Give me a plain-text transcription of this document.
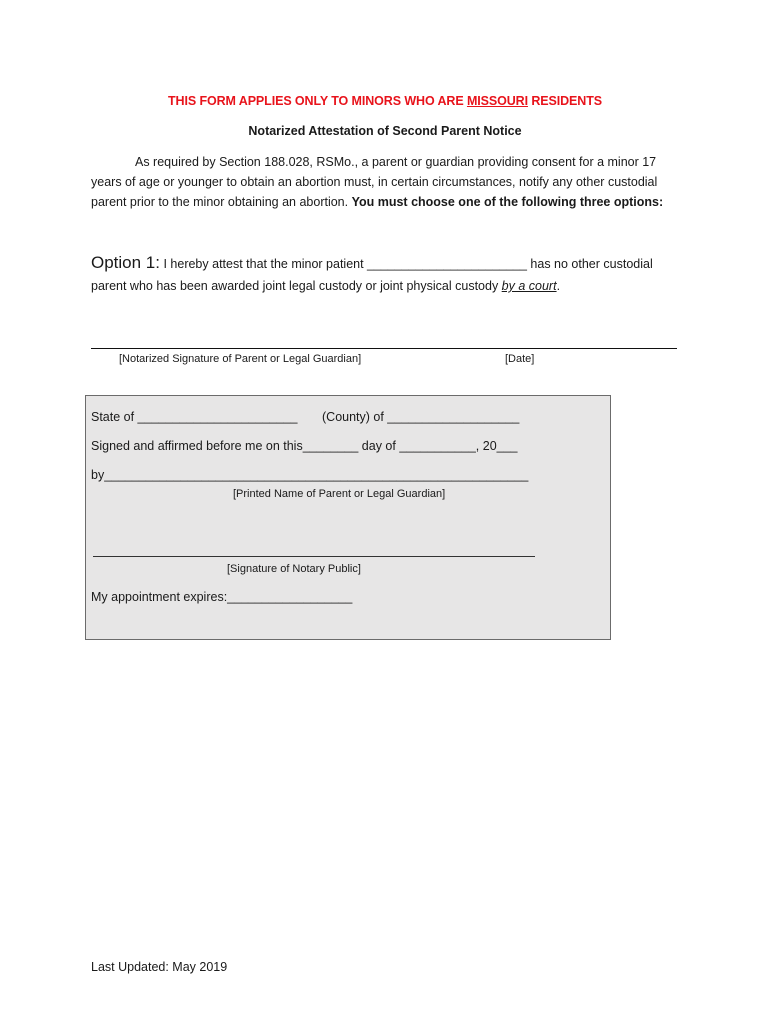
THIS FORM APPLIES ONLY TO MINORS WHO ARE MISSOURI RESIDENTS
Notarized Attestation of Second Parent Notice
As required by Section 188.028, RSMo., a parent or guardian providing consent for a minor 17 years of age or younger to obtain an abortion must, in certain circumstances, notify any other custodial parent prior to the minor obtaining an abortion. You must choose one of the following three options:
Option 1: I hereby attest that the minor patient _______________________ has no other custodial parent who has been awarded joint legal custody or joint physical custody by a court.
[Notarized Signature of Parent or Legal Guardian]	[Date]
State of _______________________ (County) of ___________________
Signed and affirmed before me on this________ day of ___________, 20___
by_____________________________________________________________
[Printed Name of Parent or Legal Guardian]
[Signature of Notary Public]
My appointment expires:__________________
Last Updated: May 2019
